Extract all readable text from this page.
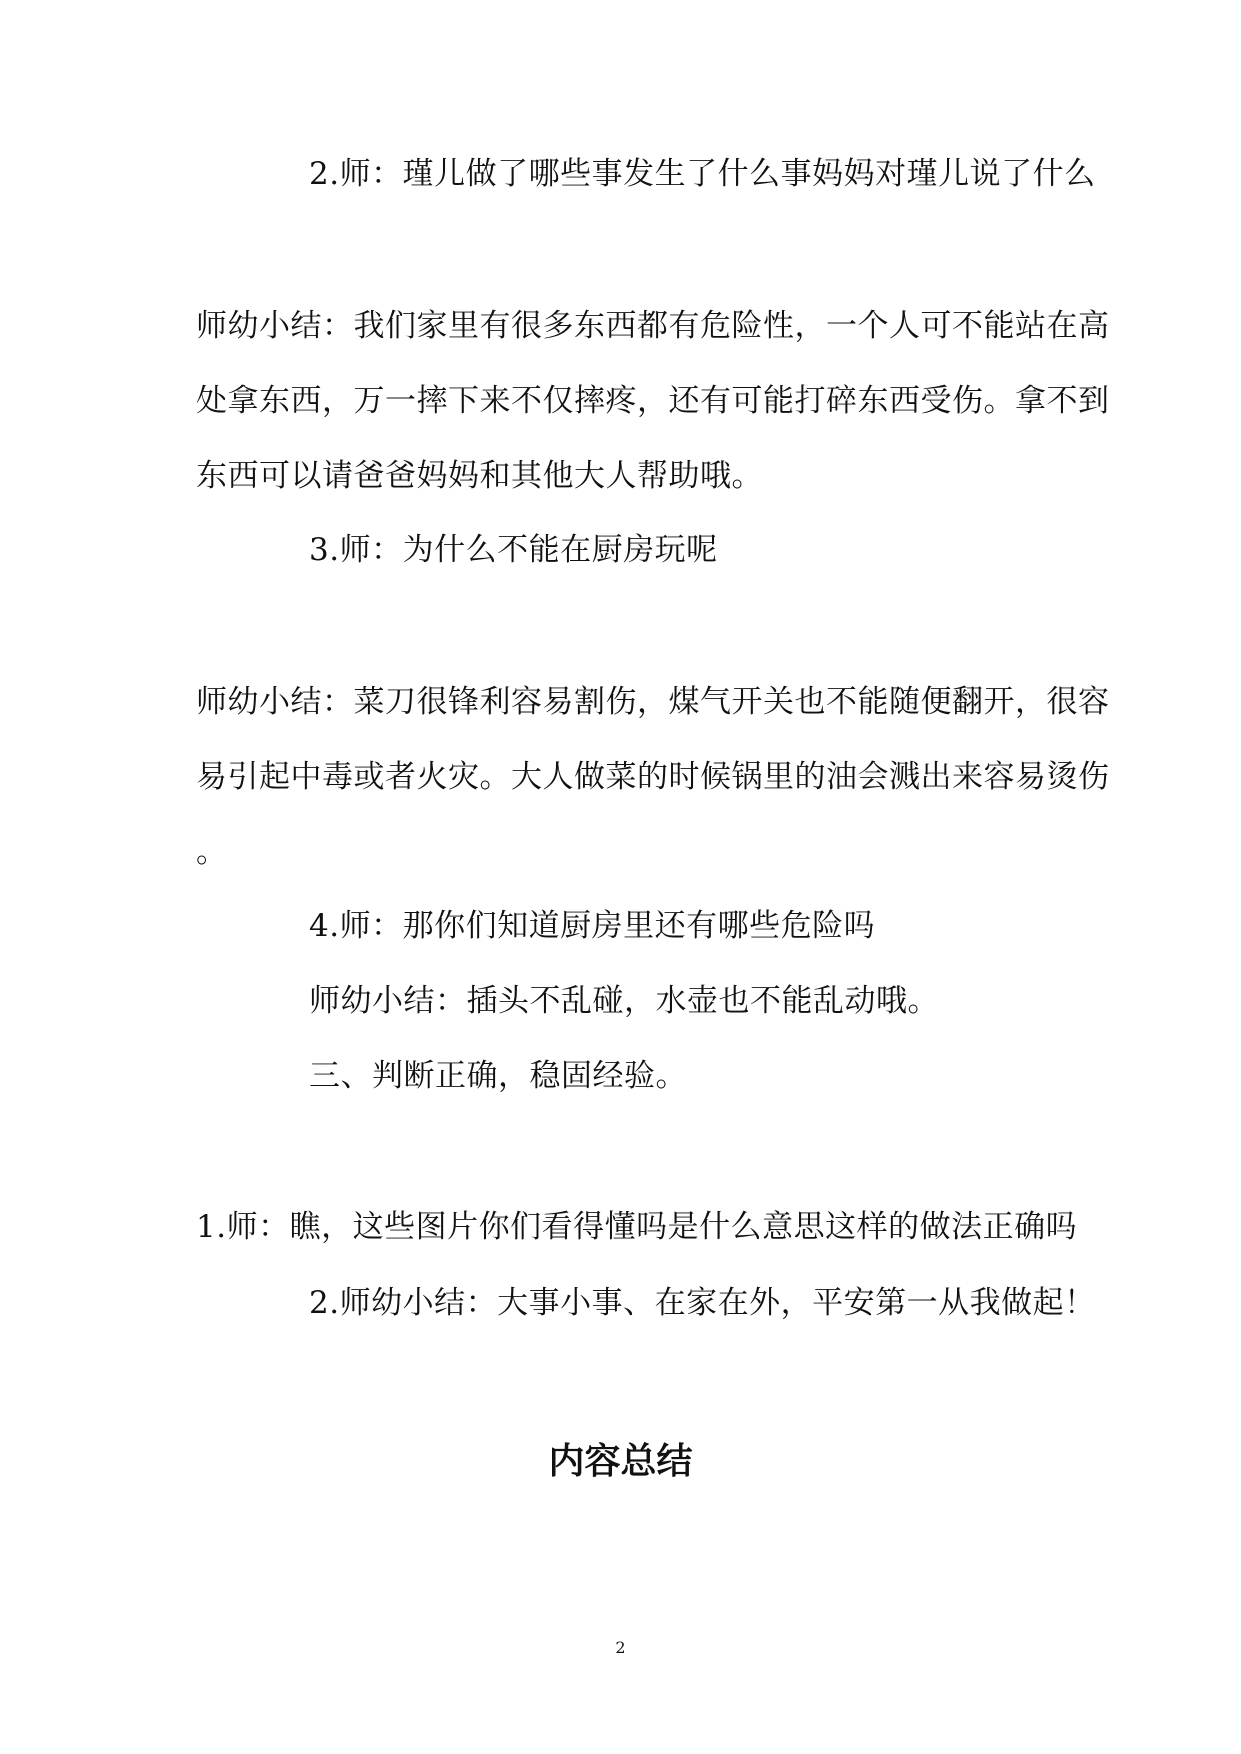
2.师：瑾儿做了哪些事发生了什么事妈妈对瑾儿说了什么
师幼小结：我们家里有很多东西都有危险性，一个人可不能站在高
处拿东西，万一摔下来不仅摔疼，还有可能打碎东西受伤。拿不到
东西可以请爸爸妈妈和其他大人帮助哦。
3.师：为什么不能在厨房玩呢
师幼小结：菜刀很锋利容易割伤，煤气开关也不能随便翻开，很容
易引起中毒或者火灾。大人做菜的时候锅里的油会溅出来容易烫伤
。
4.师：那你们知道厨房里还有哪些危险吗
师幼小结：插头不乱碰，水壶也不能乱动哦。
三、判断正确，稳固经验。
1.师：瞧，这些图片你们看得懂吗是什么意思这样的做法正确吗
2.师幼小结：大事小事、在家在外，平安第一从我做起！
内容总结
2
